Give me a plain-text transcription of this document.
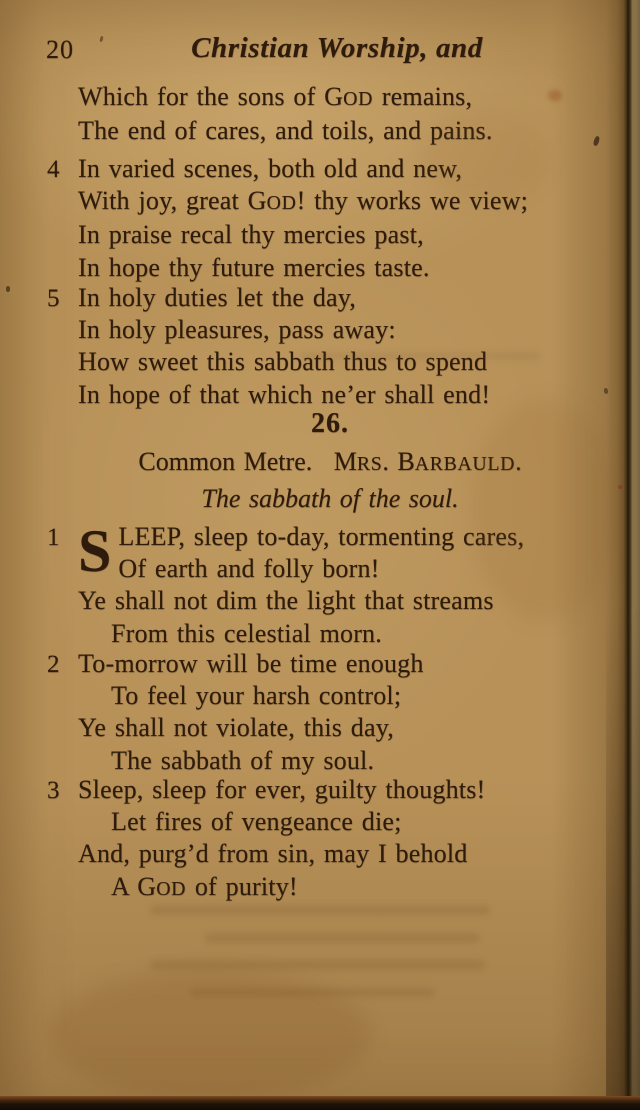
20	Christian Worship, and
Which for the sons of GOD remains,
The end of cares, and toils, and pains.
4 In varied scenes, both old and new,
With joy, great GOD! thy works we view;
In praise recal thy mercies past,
In hope thy future mercies taste.
5 In holy duties let the day,
In holy pleasures, pass away:
How sweet this sabbath thus to spend
In hope of that which ne’er shall end!
26.
Common Metre.  MRS. BARBAULD.
The sabbath of the soul.
1 S LEEP, sleep to-day, tormenting cares,
Of earth and folly born!
Ye shall not dim the light that streams
From this celestial morn.
2 To-morrow will be time enough
To feel your harsh control;
Ye shall not violate, this day,
The sabbath of my soul.
3 Sleep, sleep for ever, guilty thoughts!
Let fires of vengeance die;
And, purg’d from sin, may I behold
A GOD of purity!
